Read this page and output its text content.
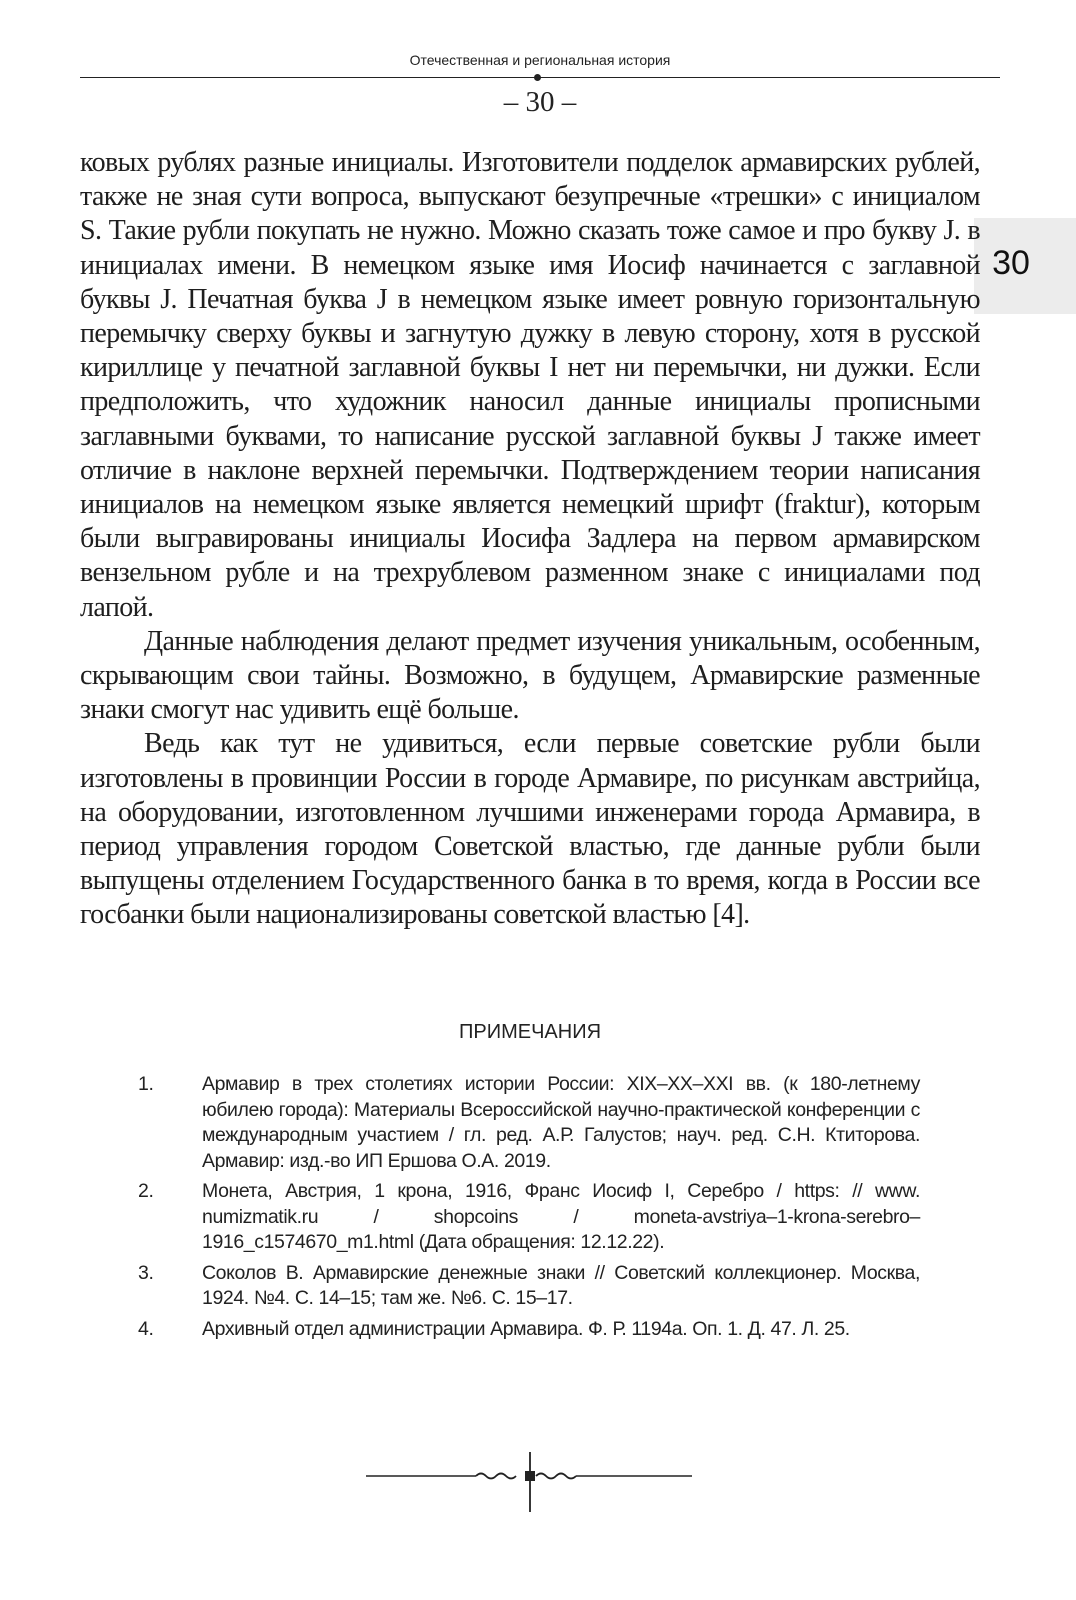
Отечественная и региональная история
– 30 –
30

ковых рублях разные инициалы. Изготовители подделок армавирских рублей, также не зная сути вопроса, выпускают безупречные «трешки» с инициалом S. Такие рубли покупать не нужно. Можно сказать тоже самое и про букву J. в инициалах имени. В немецком языке имя Иосиф начинается с заглавной буквы J. Печатная буква J в немецком языке имеет ровную горизонтальную перемычку сверху буквы и загнутую дужку в левую сторону, хотя в русской кириллице у печатной заглавной буквы I нет ни перемычки, ни дужки. Если предположить, что художник наносил данные инициалы прописными заглавными буквами, то написание русской заглавной буквы J также имеет отличие в наклоне верхней перемычки. Подтверждением теории написания инициалов на немецком языке является немецкий шрифт (fraktur), которым были выгравированы инициалы Иосифа Задлера на первом армавирском вензельном рубле и на трехрублевом разменном знаке с инициалами под лапой.

Данные наблюдения делают предмет изучения уникальным, особенным, скрывающим свои тайны. Возможно, в будущем, Армавирские разменные знаки смогут нас удивить ещё больше.

Ведь как тут не удивиться, если первые советские рубли были изготовлены в провинции России в городе Армавире, по рисункам австрийца, на оборудовании, изготовленном лучшими инженерами города Армавира, в период управления городом Советской властью, где данные рубли были выпущены отделением Государственного банка в то время, когда в России все госбанки были национализированы советской властью [4].

ПРИМЕЧАНИЯ
1.	Армавир в трех столетиях истории России: XIX–XX–XXI вв. (к 180-летнему юбилею города): Материалы Всероссийской научно-практической конференции с международным участием / гл. ред. А.Р. Галустов; науч. ред. С.Н. Ктиторова. Армавир: изд.-во ИП Ершова О.А. 2019.
2.	Монета, Австрия, 1 крона, 1916, Франс Иосиф I, Серебро / https: // www. numizmatik.ru / shopcoins / moneta-avstriya–1-krona-serebro–1916_c1574670_m1.html (Дата обращения: 12.12.22).
3.	Соколов В. Армавирские денежные знаки // Советский коллекционер. Москва, 1924. №4. С. 14–15; там же. №6. С. 15–17.
4.	Архивный отдел администрации Армавира. Ф. Р. 1194а. Оп. 1. Д. 47. Л. 25.
